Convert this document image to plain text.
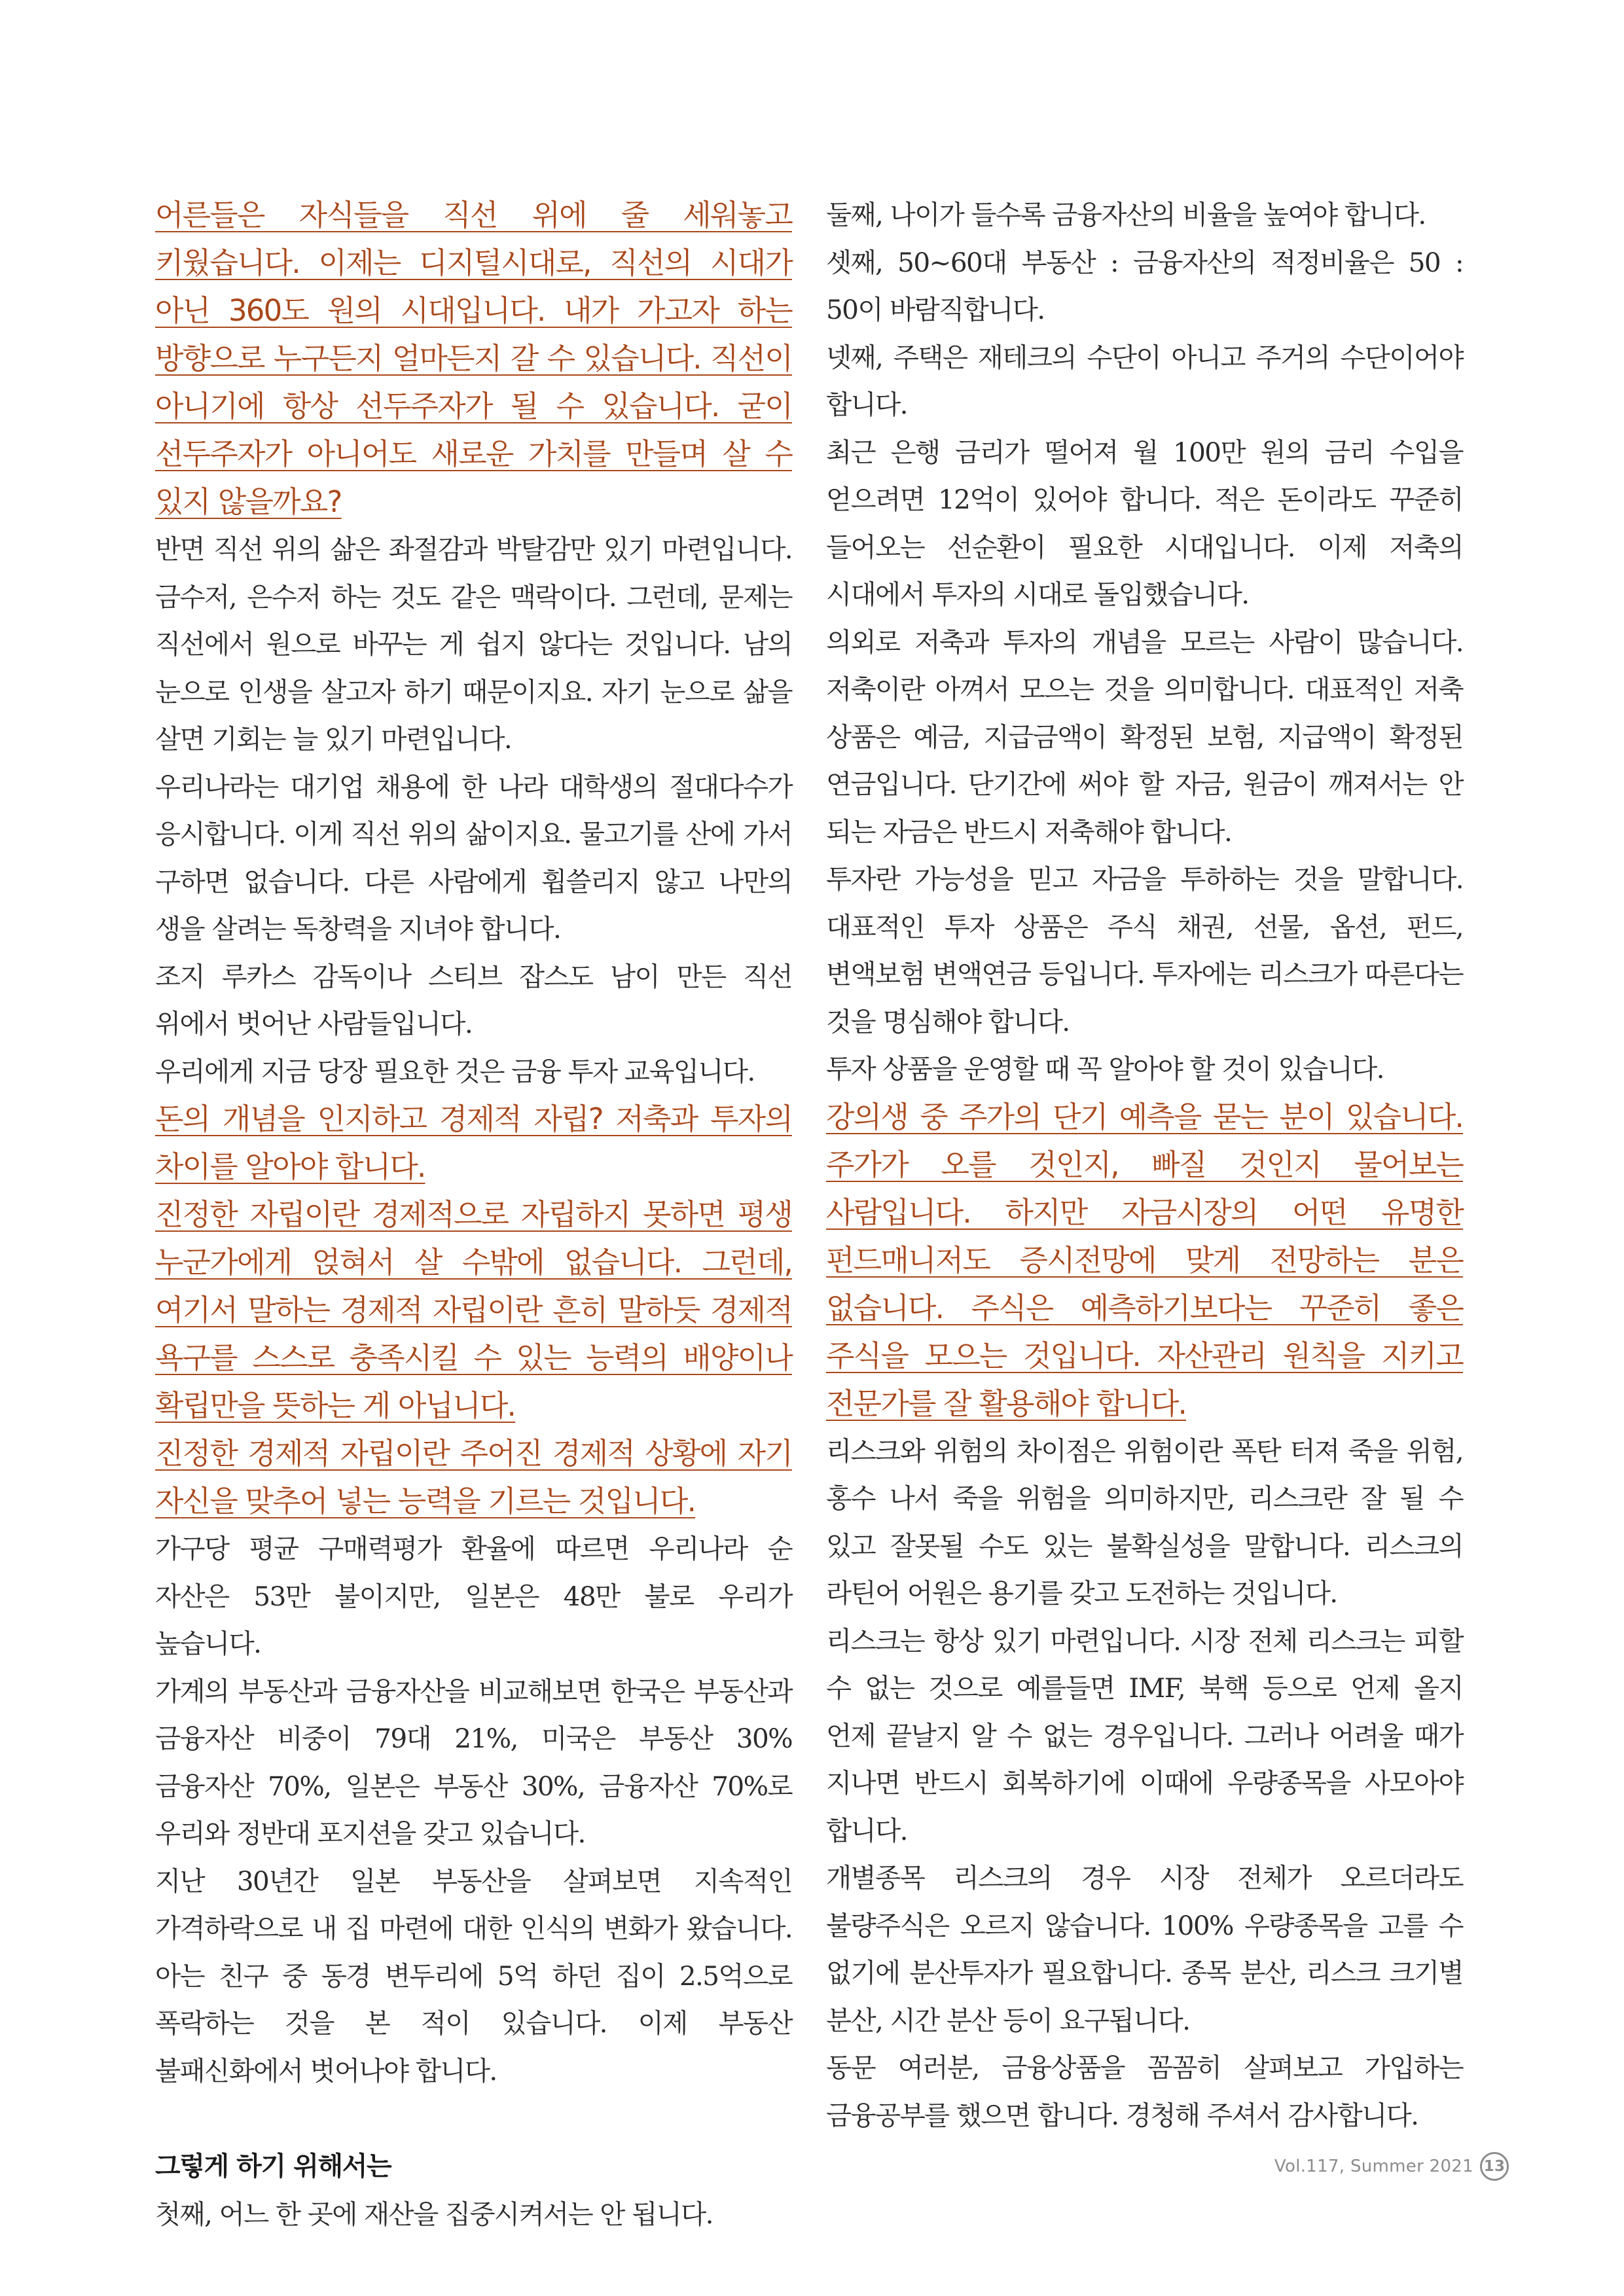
어른들은 자식들을 직선 위에 줄 세워놓고 키웠습니다. 이제는 디지털시대로, 직선의 시대가 아닌 360도 원의 시대입니다. 내가 가고자 하는 방향으로 누구든지 얼마든지 갈 수 있습니다. 직선이 아니기에 항상 선두주자가 될 수 있습니다. 굳이 선두주자가 아니어도 새로운 가치를 만들며 살 수 있지 않을까요?

반면 직선 위의 삶은 좌절감과 박탈감만 있기 마련입니다. 금수저, 은수저 하는 것도 같은 맥락이다. 그런데, 문제는 직선에서 원으로 바꾸는 게 쉽지 않다는 것입니다. 남의 눈으로 인생을 살고자 하기 때문이지요. 자기 눈으로 삶을 살면 기회는 늘 있기 마련입니다.

우리나라는 대기업 채용에 한 나라 대학생의 절대다수가 응시합니다. 이게 직선 위의 삶이지요. 물고기를 산에 가서 구하면 없습니다. 다른 사람에게 휩쓸리지 않고 나만의 생을 살려는 독창력을 지녀야 합니다.

조지 루카스 감독이나 스티브 잡스도 남이 만든 직선 위에서 벗어난 사람들입니다.

우리에게 지금 당장 필요한 것은 금융 투자 교육입니다.

돈의 개념을 인지하고 경제적 자립? 저축과 투자의 차이를 알아야 합니다.

진정한 자립이란 경제적으로 자립하지 못하면 평생 누군가에게 얹혀서 살 수밖에 없습니다. 그런데, 여기서 말하는 경제적 자립이란 흔히 말하듯 경제적 욕구를 스스로 충족시킬 수 있는 능력의 배양이나 확립만을 뜻하는 게 아닙니다.

진정한 경제적 자립이란 주어진 경제적 상황에 자기 자신을 맞추어 넣는 능력을 기르는 것입니다.

가구당 평균 구매력평가 환율에 따르면 우리나라 순 자산은 53만 불이지만, 일본은 48만 불로 우리가 높습니다.

가계의 부동산과 금융자산을 비교해보면 한국은 부동산과 금융자산 비중이 79대 21%, 미국은 부동산 30% 금융자산 70%, 일본은 부동산 30%, 금융자산 70%로 우리와 정반대 포지션을 갖고 있습니다.

지난 30년간 일본 부동산을 살펴보면 지속적인 가격하락으로 내 집 마련에 대한 인식의 변화가 왔습니다. 아는 친구 중 동경 변두리에 5억 하던 집이 2.5억으로 폭락하는 것을 본 적이 있습니다. 이제 부동산 불패신화에서 벗어나야 합니다.

그렇게 하기 위해서는

첫째, 어느 한 곳에 재산을 집중시켜서는 안 됩니다.

둘째, 나이가 들수록 금융자산의 비율을 높여야 합니다.

셋째, 50~60대 부동산 : 금융자산의 적정비율은 50 : 50이 바람직합니다.

넷째, 주택은 재테크의 수단이 아니고 주거의 수단이어야 합니다.

최근 은행 금리가 떨어져 월 100만 원의 금리 수입을 얻으려면 12억이 있어야 합니다. 적은 돈이라도 꾸준히 들어오는 선순환이 필요한 시대입니다. 이제 저축의 시대에서 투자의 시대로 돌입했습니다.

의외로 저축과 투자의 개념을 모르는 사람이 많습니다. 저축이란 아껴서 모으는 것을 의미합니다. 대표적인 저축 상품은 예금, 지급금액이 확정된 보험, 지급액이 확정된 연금입니다. 단기간에 써야 할 자금, 원금이 깨져서는 안 되는 자금은 반드시 저축해야 합니다.

투자란 가능성을 믿고 자금을 투하하는 것을 말합니다. 대표적인 투자 상품은 주식 채권, 선물, 옵션, 펀드, 변액보험 변액연금 등입니다. 투자에는 리스크가 따른다는 것을 명심해야 합니다.

투자 상품을 운영할 때 꼭 알아야 할 것이 있습니다.

강의생 중 주가의 단기 예측을 묻는 분이 있습니다. 주가가 오를 것인지, 빠질 것인지 물어보는 사람입니다. 하지만 자금시장의 어떤 유명한 펀드매니저도 증시전망에 맞게 전망하는 분은 없습니다. 주식은 예측하기보다는 꾸준히 좋은 주식을 모으는 것입니다. 자산관리 원칙을 지키고 전문가를 잘 활용해야 합니다.

리스크와 위험의 차이점은 위험이란 폭탄 터져 죽을 위험, 홍수 나서 죽을 위험을 의미하지만, 리스크란 잘 될 수 있고 잘못될 수도 있는 불확실성을 말합니다. 리스크의 라틴어 어원은 용기를 갖고 도전하는 것입니다.

리스크는 항상 있기 마련입니다. 시장 전체 리스크는 피할 수 없는 것으로 예를들면 IMF, 북핵 등으로 언제 올지 언제 끝날지 알 수 없는 경우입니다. 그러나 어려울 때가 지나면 반드시 회복하기에 이때에 우량종목을 사모아야 합니다.

개별종목 리스크의 경우 시장 전체가 오르더라도 불량주식은 오르지 않습니다. 100% 우량종목을 고를 수 없기에 분산투자가 필요합니다. 종목 분산, 리스크 크기별 분산, 시간 분산 등이 요구됩니다.

동문 여러분, 금융상품을 꼼꼼히 살펴보고 가입하는 금융공부를 했으면 합니다. 경청해 주셔서 감사합니다.

Vol.117, Summer 2021 13
